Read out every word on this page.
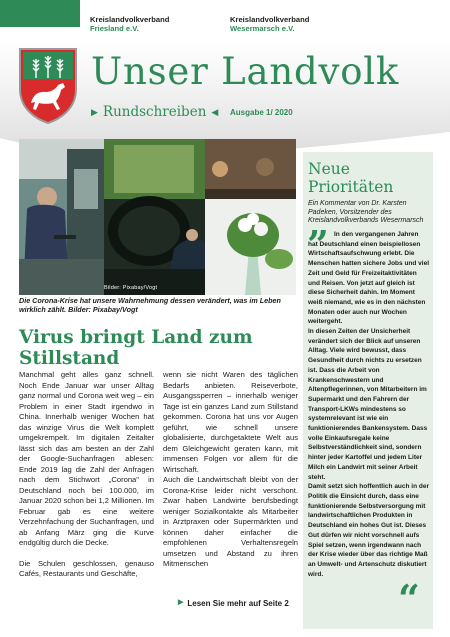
Kreislandvolkverband
Friesland e.V.
Kreislandvolkverband
Wesermarsch e.V.
Unser Landvolk
▶ Rundschreiben ◀ Ausgabe 1/ 2020
Bilder: Pixabay/Vogt
Die Corona-Krise hat unsere Wahrnehmung dessen verändert, was im Leben wirklich zählt. Bilder: Pixabay/Vogt
Virus bringt Land zum Stillstand

Manchmal geht alles ganz schnell. Noch Ende Januar war unser Alltag ganz normal und Corona weit weg – ein Problem in einer Stadt irgendwo in China. Innerhalb weniger Wochen hat das winzige Virus die Welt komplett umgekrempelt. Im digitalen Zeitalter lässt sich das am besten an der Zahl der Google-Suchanfragen ablesen: Ende 2019 lag die Zahl der Anfragen nach dem Stichwort „Corona" in Deutschland noch bei 100.000, im Januar 2020 schon bei 1,2 Millionen. Im Februar gab es eine weitere Verzehnfachung der Suchanfragen, und ab Anfang März ging die Kurve endgültig durch die Decke.

Die Schulen geschlossen, genauso Cafés, Restaurants und Geschäfte,

wenn sie nicht Waren des täglichen Bedarfs anbieten. Reiseverbote, Ausgangssperren – innerhalb weniger Tage ist ein ganzes Land zum Stillstand gekommen. Corona hat uns vor Augen geführt, wie schnell unsere globalisierte, durchgetaktete Welt aus dem Gleichgewicht geraten kann, mit immensen Folgen vor allem für die Wirtschaft.

Auch die Landwirtschaft bleibt von der Corona-Krise leider nicht verschont. Zwar haben Landwirte berufsbedingt weniger Sozialkontakte als Mitarbeiter in Arztpraxen oder Supermärkten und können daher einfacher die empfohlenen Verhaltensregeln umsetzen und Abstand zu ihren Mitmenschen

▶ Lesen Sie mehr auf Seite 2
Neue Prioritäten
Ein Kommentar von Dr. Karsten Padeken, Vorsitzender des Kreislandvolkverbands Wesermarsch
” In den vergangenen Jahren hat Deutschland einen beispiellosen Wirtschaftsaufschwung erlebt. Die Menschen hatten sichere Jobs und viel Zeit und Geld für Freizeitaktivitäten und Reisen. Von jetzt auf gleich ist diese Sicherheit dahin. Im Moment weiß niemand, wie es in den nächsten Monaten oder auch nur Wochen weitergeht.

In diesen Zeiten der Unsicherheit verändert sich der Blick auf unseren Alltag. Viele wird bewusst, dass Gesundheit durch nichts zu ersetzen ist. Dass die Arbeit von Krankenschwestern und Altenpflegerinnen, von Mitarbeitern im Supermarkt und den Fahrern der Transport-LKWs mindestens so systemrelevant ist wie ein funktionierendes Bankensystem. Dass volle Einkaufsregale keine Selbstverständlichkeit sind, sondern hinter jeder Kartoffel und jedem Liter Milch ein Landwirt mit seiner Arbeit steht.

Damit setzt sich hoffentlich auch in der Politik die Einsicht durch, dass eine funktionierende Selbstversorgung mit landwirtschaftlichen Produkten in Deutschland ein hohes Gut ist. Dieses Gut dürfen wir nicht vorschnell aufs Spiel setzen, wenn irgendwann nach der Krise wieder über das richtige Maß an Umwelt- und Artenschutz diskutiert wird.

“
